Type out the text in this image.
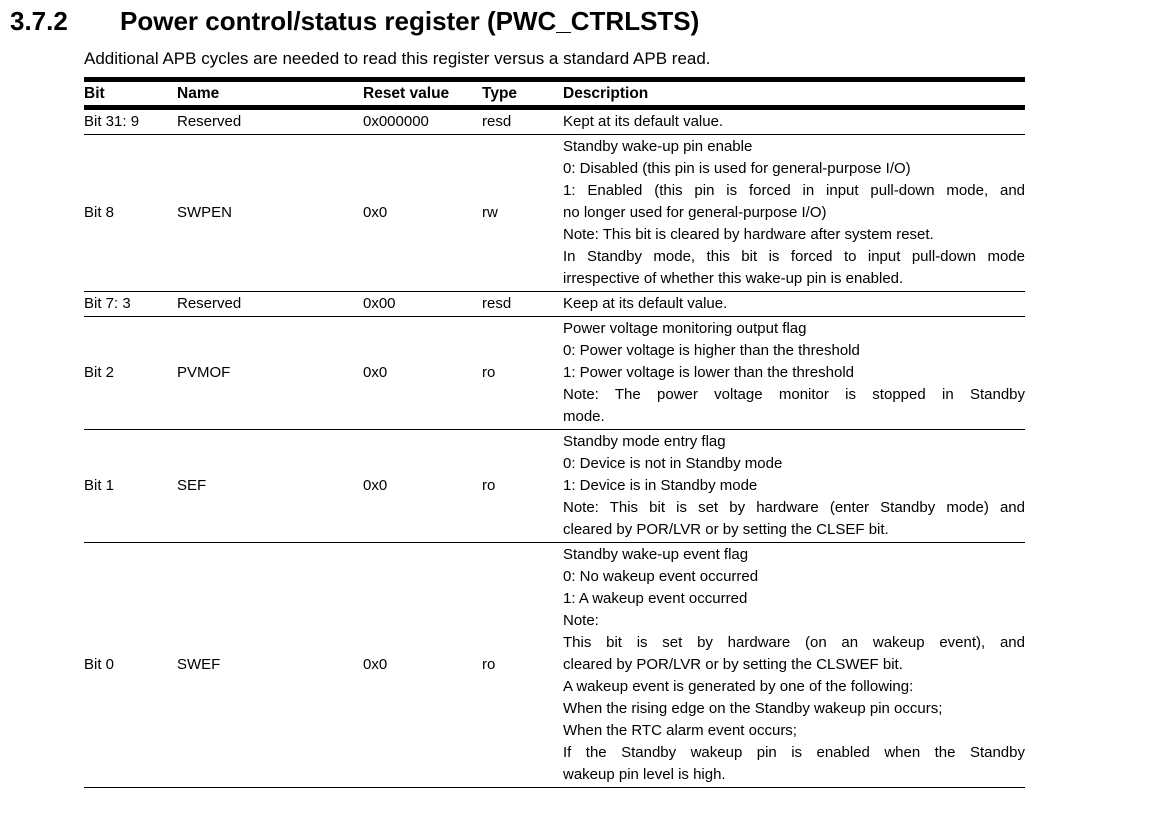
3.7.2 Power control/status register (PWC_CTRLSTS)

Additional APB cycles are needed to read this register versus a standard APB read.

Bit	Name	Reset value	Type	Description
Bit 31: 9	Reserved	0x000000	resd	Kept at its default value.

Bit 8	SWPEN	0x0	rw	
Standby wake-up pin enable
0: Disabled (this pin is used for general-purpose I/O)
1: Enabled (this pin is forced in input pull-down mode, and
no longer used for general-purpose I/O)
Note: This bit is cleared by hardware after system reset.
In Standby mode, this bit is forced to input pull-down mode
irrespective of whether this wake-up pin is enabled.

Bit 7: 3	Reserved	0x00	resd	Keep at its default value.

Bit 2	PVMOF	0x0	ro	Power voltage monitoring output flag
0: Power voltage is higher than the threshold
1: Power voltage is lower than the threshold
Note: The power voltage monitor is stopped in Standby
mode.

Bit 1	SEF	0x0	ro	Standby mode entry flag
0: Device is not in Standby mode
1: Device is in Standby mode
Note: This bit is set by hardware (enter Standby mode) and
cleared by POR/LVR or by setting the CLSEF bit.

Bit 0	SWEF	0x0	ro	
Standby wake-up event flag
0: No wakeup event occurred
1: A wakeup event occurred
Note:
This bit is set by hardware (on an wakeup event), and
cleared by POR/LVR or by setting the CLSWEF bit.
A wakeup event is generated by one of the following:
When the rising edge on the Standby wakeup pin occurs;
When the RTC alarm event occurs;
If the Standby wakeup pin is enabled when the Standby
wakeup pin level is high.
